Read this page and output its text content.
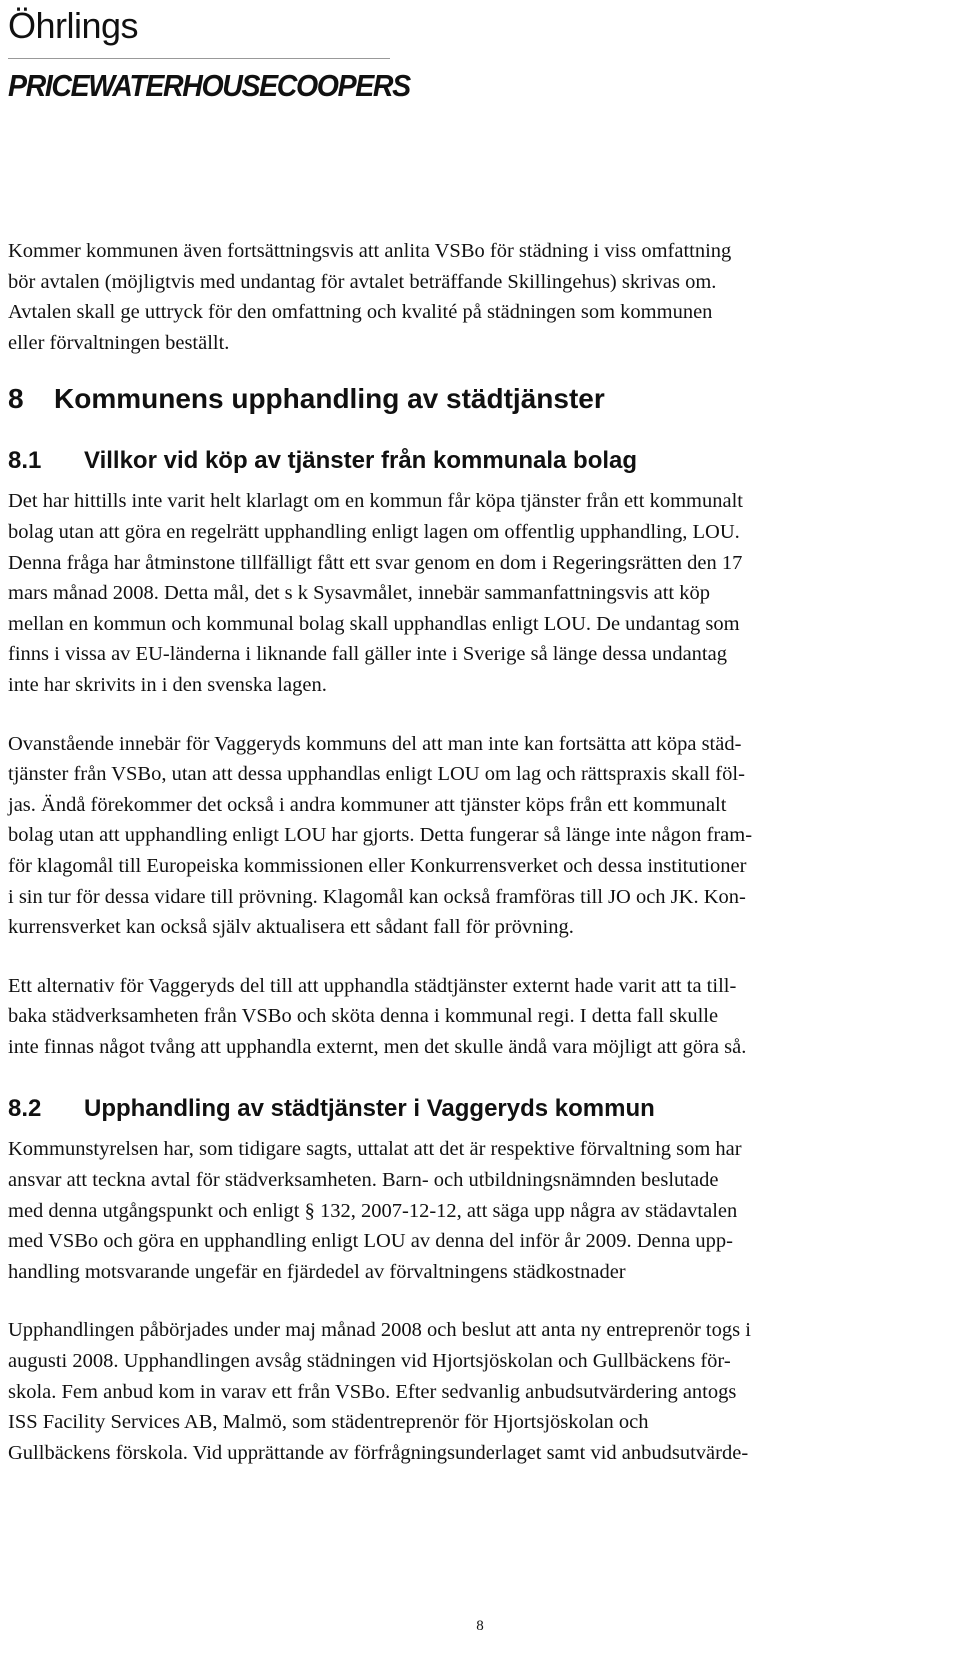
Öhrlings
PRICEWATERHOUSECOOPERS

Kommer kommunen även fortsättningsvis att anlita VSBo för städning i viss omfattning
bör avtalen (möjligtvis med undantag för avtalet beträffande Skillingehus) skrivas om.
Avtalen skall ge uttryck för den omfattning och kvalité på städningen som kommunen
eller förvaltningen beställt.

8	Kommunens upphandling av städtjänster
8.1	Villkor vid köp av tjänster från kommunala bolag

Det har hittills inte varit helt klarlagt om en kommun får köpa tjänster från ett kommunalt
bolag utan att göra en regelrätt upphandling enligt lagen om offentlig upphandling, LOU.
Denna fråga har åtminstone tillfälligt fått ett svar genom en dom i Regeringsrätten den 17
mars månad 2008. Detta mål, det s k Sysavmålet, innebär sammanfattningsvis att köp
mellan en kommun och kommunal bolag skall upphandlas enligt LOU. De undantag som
finns i vissa av EU-länderna i liknande fall gäller inte i Sverige så länge dessa undantag
inte har skrivits in i den svenska lagen.

Ovanstående innebär för Vaggeryds kommuns del att man inte kan fortsätta att köpa städ-
tjänster från VSBo, utan att dessa upphandlas enligt LOU om lag och rättspraxis skall föl-
jas. Ändå förekommer det också i andra kommuner att tjänster köps från ett kommunalt
bolag utan att upphandling enligt LOU har gjorts. Detta fungerar så länge inte någon fram-
för klagomål till Europeiska kommissionen eller Konkurrensverket och dessa institutioner
i sin tur för dessa vidare till prövning. Klagomål kan också framföras till JO och JK. Kon-
kurrensverket kan också själv aktualisera ett sådant fall för prövning.

Ett alternativ för Vaggeryds del till att upphandla städtjänster externt hade varit att ta till-
baka städverksamheten från VSBo och sköta denna i kommunal regi. I detta fall skulle
inte finnas något tvång att upphandla externt, men det skulle ändå vara möjligt att göra så.

8.2	Upphandling av städtjänster i Vaggeryds kommun

Kommunstyrelsen har, som tidigare sagts, uttalat att det är respektive förvaltning som har
ansvar att teckna avtal för städverksamheten. Barn- och utbildningsnämnden beslutade
med denna utgångspunkt och enligt § 132, 2007-12-12, att säga upp några av städavtalen
med VSBo och göra en upphandling enligt LOU av denna del inför år 2009. Denna upp-
handling motsvarande ungefär en fjärdedel av förvaltningens städkostnader

Upphandlingen påbörjades under maj månad 2008 och beslut att anta ny entreprenör togs i
augusti 2008. Upphandlingen avsåg städningen vid Hjortsjöskolan och Gullbäckens för-
skola. Fem anbud kom in varav ett från VSBo. Efter sedvanlig anbudsutvärdering antogs
ISS Facility Services AB, Malmö, som städentreprenör för Hjortsjöskolan och
Gullbäckens förskola. Vid upprättande av förfrågningsunderlaget samt vid anbudsutvärde-

8
